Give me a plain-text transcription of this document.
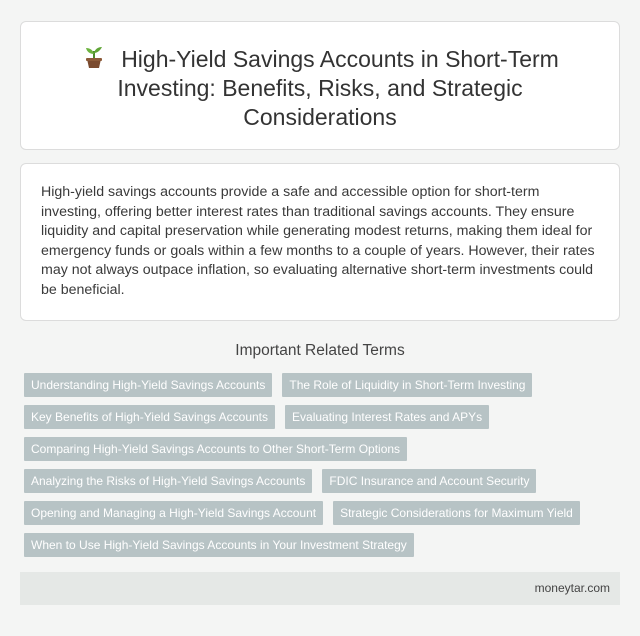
High-Yield Savings Accounts in Short-Term Investing: Benefits, Risks, and Strategic Considerations

High-yield savings accounts provide a safe and accessible option for short-term investing, offering better interest rates than traditional savings accounts. They ensure liquidity and capital preservation while generating modest returns, making them ideal for emergency funds or goals within a few months to a couple of years. However, their rates may not always outpace inflation, so evaluating alternative short-term investments could be beneficial.

Important Related Terms
Understanding High-Yield Savings Accounts	The Role of Liquidity in Short-Term Investing
Key Benefits of High-Yield Savings Accounts	Evaluating Interest Rates and APYs
Comparing High-Yield Savings Accounts to Other Short-Term Options
Analyzing the Risks of High-Yield Savings Accounts	FDIC Insurance and Account Security
Opening and Managing a High-Yield Savings Account	Strategic Considerations for Maximum Yield
When to Use High-Yield Savings Accounts in Your Investment Strategy
moneytar.com
